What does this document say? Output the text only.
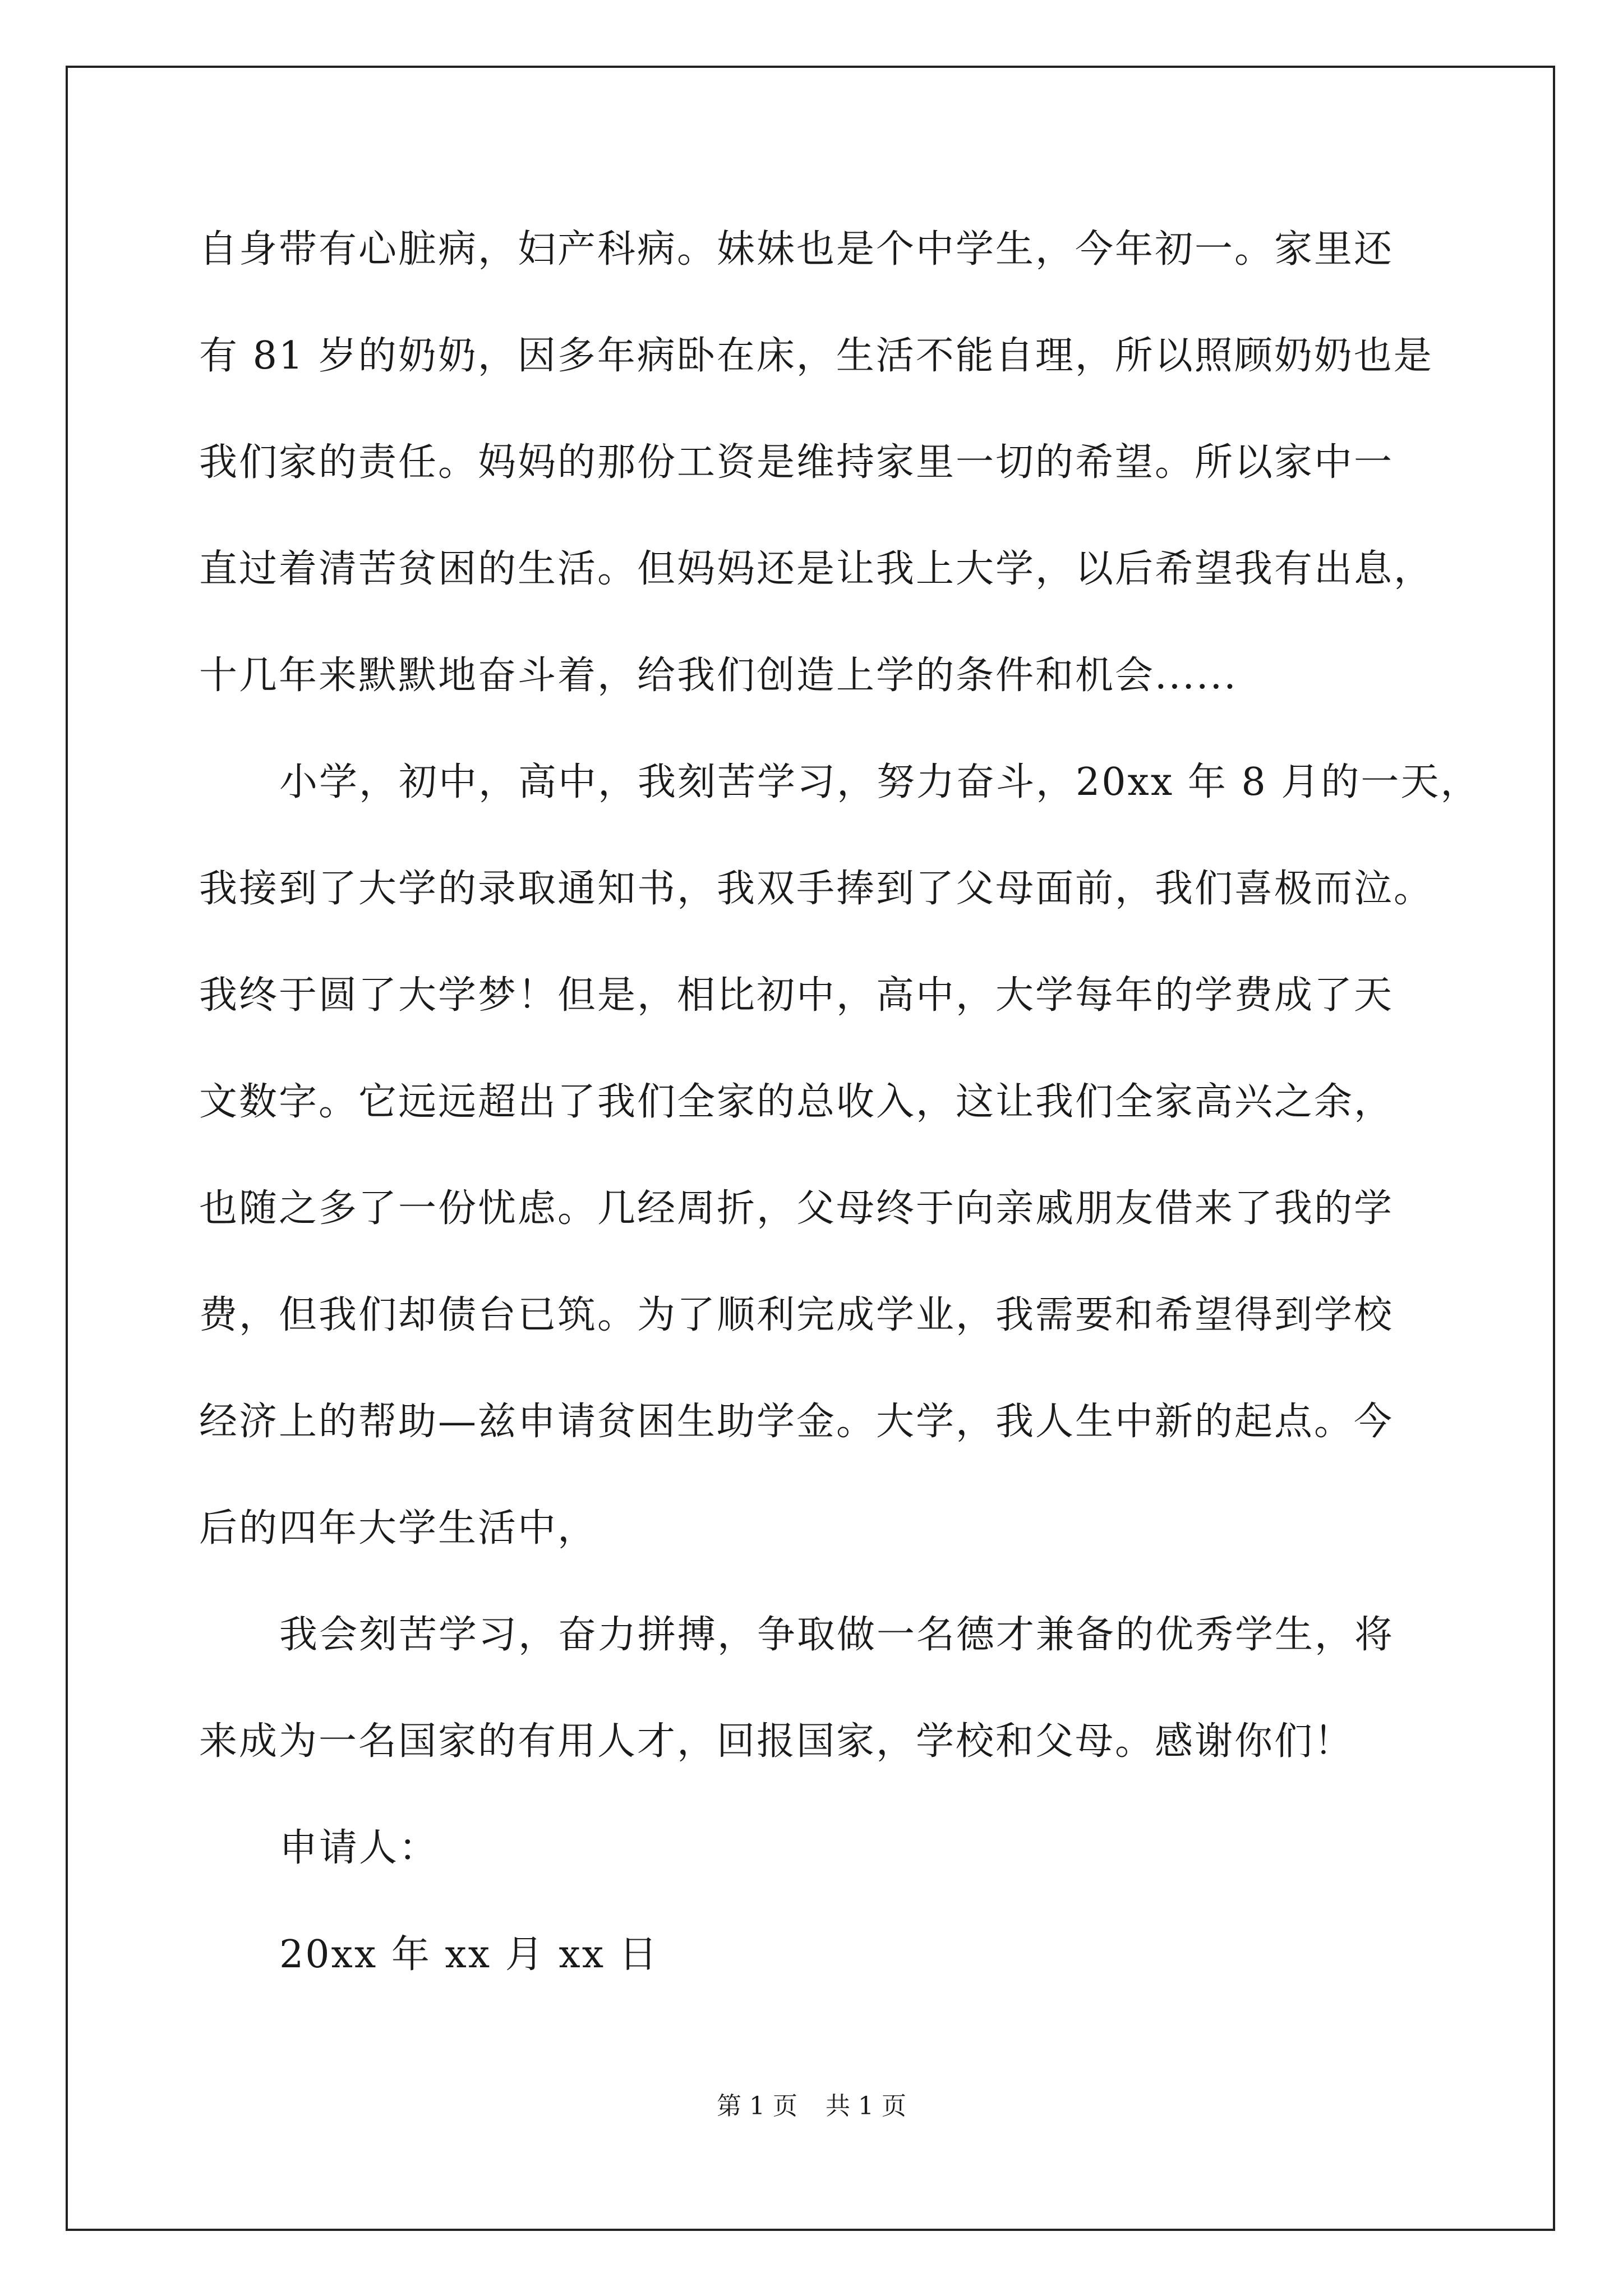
自身带有心脏病，妇产科病。妹妹也是个中学生，今年初一。家里还

有 81 岁的奶奶，因多年病卧在床，生活不能自理，所以照顾奶奶也是

我们家的责任。妈妈的那份工资是维持家里一切的希望。所以家中一

直过着清苦贫困的生活。但妈妈还是让我上大学，以后希望我有出息，

十几年来默默地奋斗着，给我们创造上学的条件和机会......

小学，初中，高中，我刻苦学习，努力奋斗，20xx 年 8 月的一天，

我接到了大学的录取通知书，我双手捧到了父母面前，我们喜极而泣。

我终于圆了大学梦！但是，相比初中，高中，大学每年的学费成了天

文数字。它远远超出了我们全家的总收入，这让我们全家高兴之余，

也随之多了一份忧虑。几经周折，父母终于向亲戚朋友借来了我的学

费，但我们却债台已筑。为了顺利完成学业，我需要和希望得到学校

经济上的帮助—兹申请贫困生助学金。大学，我人生中新的起点。今

后的四年大学生活中，

我会刻苦学习，奋力拼搏，争取做一名德才兼备的优秀学生，将

来成为一名国家的有用人才，回报国家，学校和父母。感谢你们！

申请人：

20xx 年 xx 月 xx 日

第 1 页 共 1 页
